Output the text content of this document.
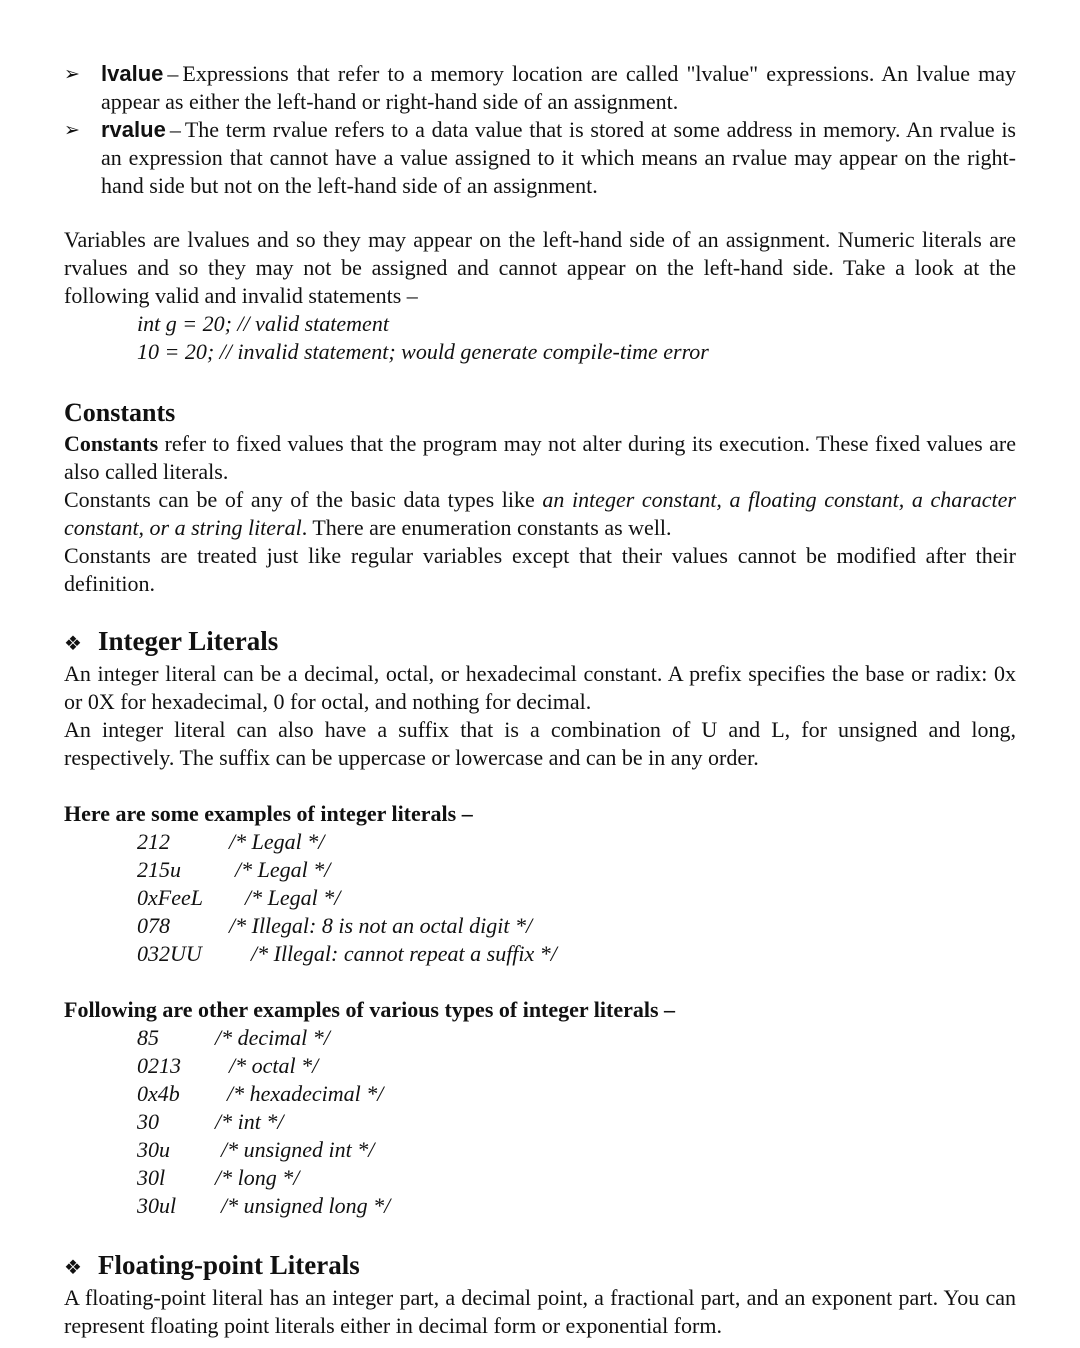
➢ lvalue – Expressions that refer to a memory location are called "lvalue" expressions. An lvalue may appear as either the left-hand or right-hand side of an assignment.
➢ rvalue – The term rvalue refers to a data value that is stored at some address in memory. An rvalue is an expression that cannot have a value assigned to it which means an rvalue may appear on the right-hand side but not on the left-hand side of an assignment.

Variables are lvalues and so they may appear on the left-hand side of an assignment. Numeric literals are rvalues and so they may not be assigned and cannot appear on the left-hand side. Take a look at the following valid and invalid statements –

int g = 20; // valid statement
10 = 20; // invalid statement; would generate compile-time error
Constants

Constants refer to fixed values that the program may not alter during its execution. These fixed values are also called literals.

Constants can be of any of the basic data types like an integer constant, a floating constant, a character constant, or a string literal. There are enumeration constants as well.

Constants are treated just like regular variables except that their values cannot be modified after their definition.

❖ Integer Literals

An integer literal can be a decimal, octal, or hexadecimal constant. A prefix specifies the base or radix: 0x or 0X for hexadecimal, 0 for octal, and nothing for decimal.

An integer literal can also have a suffix that is a combination of U and L, for unsigned and long, respectively. The suffix can be uppercase or lowercase and can be in any order.

Here are some examples of integer literals –

212	/* Legal */
215u	/* Legal */
0xFeeL	/* Legal */
078	/* Illegal: 8 is not an octal digit */
032UU	/* Illegal: cannot repeat a suffix */

Following are other examples of various types of integer literals –

85	/* decimal */
0213	/* octal */
0x4b	/* hexadecimal */
30	/* int */
30u	/* unsigned int */
30l	/* long */
30ul	/* unsigned long */
❖ Floating-point Literals

A floating-point literal has an integer part, a decimal point, a fractional part, and an exponent part. You can represent floating point literals either in decimal form or exponential form.
